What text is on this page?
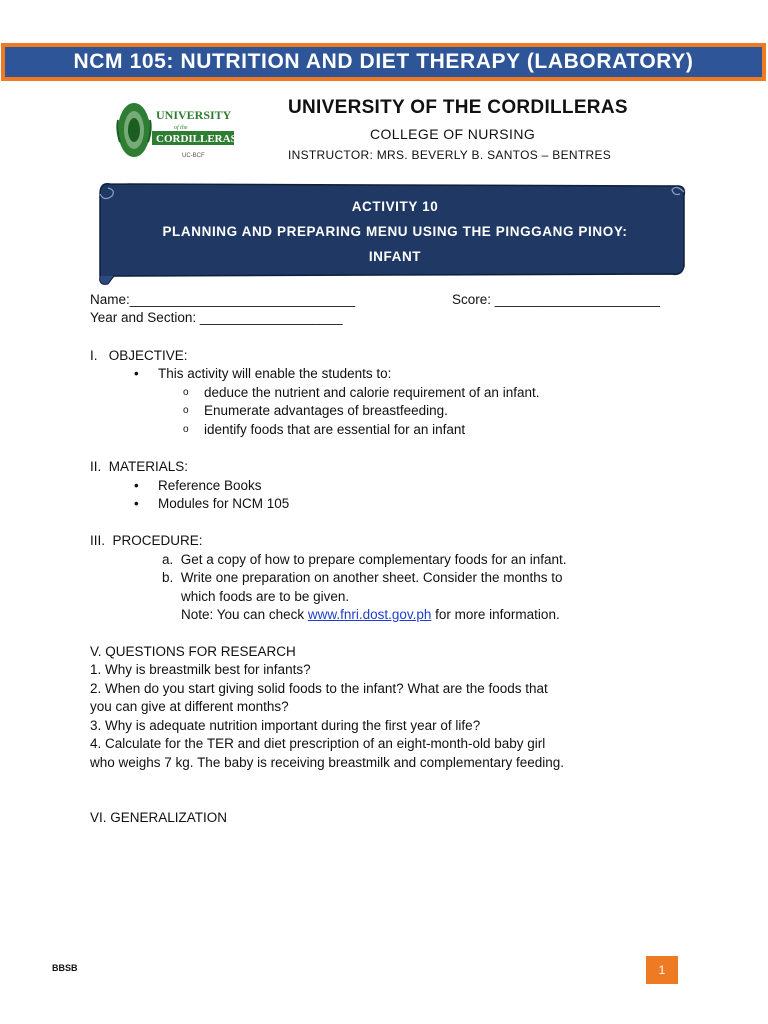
NCM 105: NUTRITION AND DIET THERAPY (LABORATORY)
UNIVERSITY
of the
CORDILLERAS
UC-BCF
UNIVERSITY OF THE CORDILLERAS
COLLEGE OF NURSING
INSTRUCTOR: MRS. BEVERLY B. SANTOS – BENTRES
ACTIVITY 10
PLANNING AND PREPARING MENU USING THE PINGGANG PINOY:
INFANT
Name:______________________________	Score: ______________________
Year and Section: ___________________
I.   OBJECTIVE:
• This activity will enable the students to:
o deduce the nutrient and calorie requirement of an infant.
o Enumerate advantages of breastfeeding.
o identify foods that are essential for an infant
II.  MATERIALS:
• Reference Books
• Modules for NCM 105
III.  PROCEDURE:
a.  Get a copy of how to prepare complementary foods for an infant.
b.  Write one preparation on another sheet. Consider the months to
which foods are to be given.
Note: You can check www.fnri.dost.gov.ph for more information.
V. QUESTIONS FOR RESEARCH
1. Why is breastmilk best for infants?
2. When do you start giving solid foods to the infant? What are the foods that
you can give at different months?
3. Why is adequate nutrition important during the first year of life?
4. Calculate for the TER and diet prescription of an eight-month-old baby girl
who weighs 7 kg. The baby is receiving breastmilk and complementary feeding.
VI. GENERALIZATION
BBSB	1
